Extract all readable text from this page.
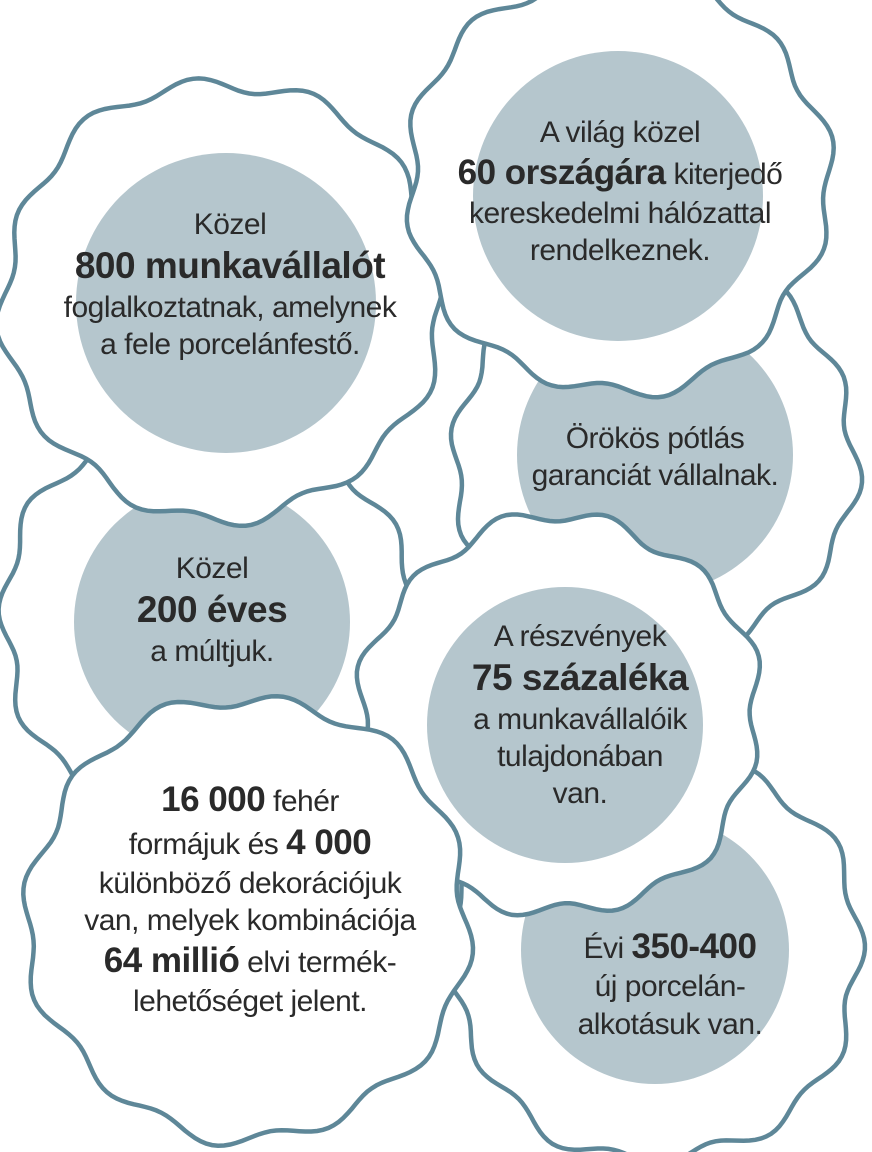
Közel
800 munkavállalót
foglalkoztatnak, amelynek
a fele porcelánfestő.
A világ közel
60 országára kiterjedő
kereskedelmi hálózattal
rendelkeznek.
Örökös pótlás
garanciát vállalnak.
Közel
200 éves
a múltjuk.	A részvények
75 százaléka
a munkavállalóik
tulajdonában
van.
16 000 fehér
formájuk és 4 000
különböző dekorációjuk
van, melyek kombinációja
64 millió elvi termék-
lehetőséget jelent.
Évi 350-400
új porcelán-
alkotásuk van.
